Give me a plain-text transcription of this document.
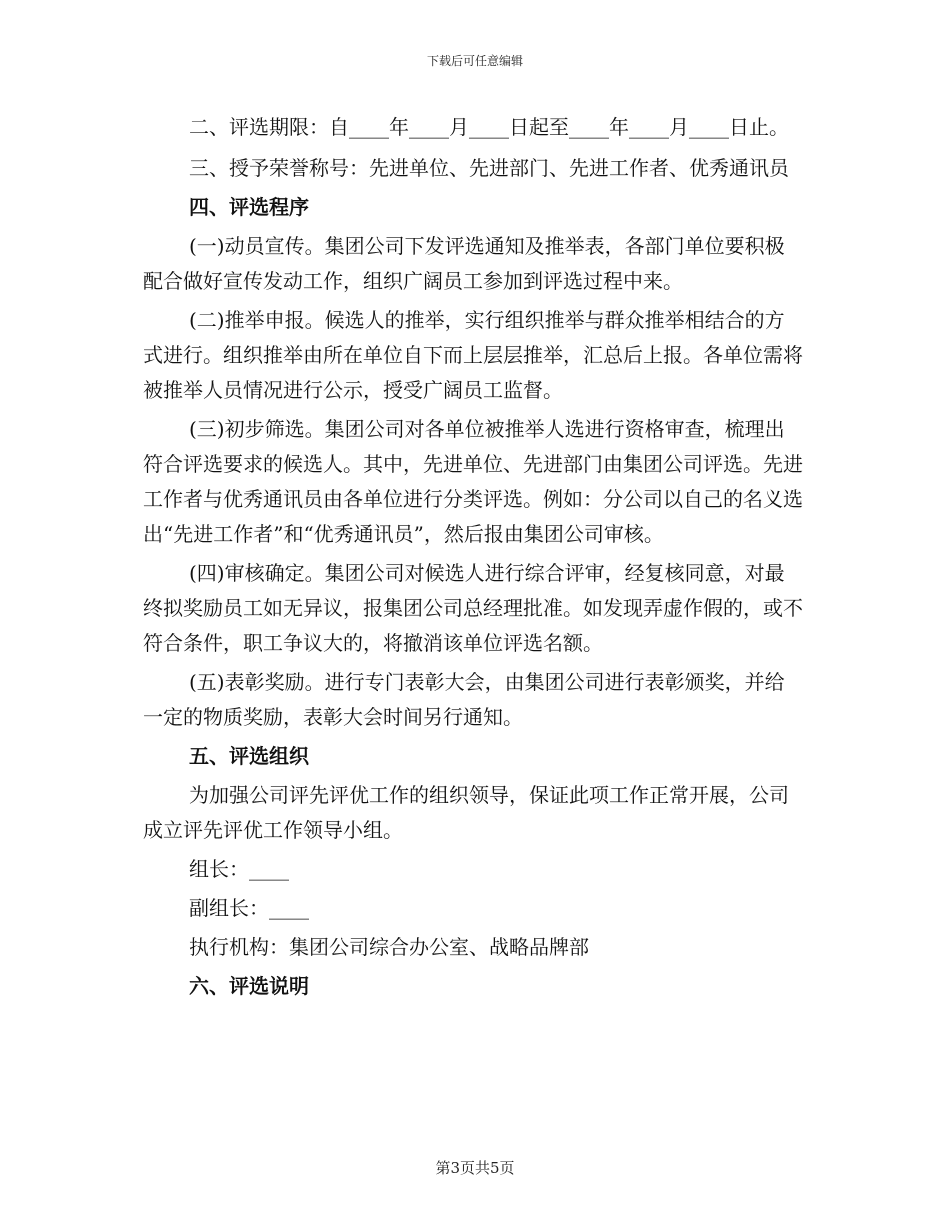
下载后可任意编辑

二、评选期限：自____年____月____日起至____年____月____日止。

三、授予荣誉称号：先进单位、先进部门、先进工作者、优秀通讯员

四、评选程序

(一)动员宣传。集团公司下发评选通知及推举表，各部门单位要积极配合做好宣传发动工作，组织广阔员工参加到评选过程中来。

(二)推举申报。候选人的推举，实行组织推举与群众推举相结合的方式进行。组织推举由所在单位自下而上层层推举，汇总后上报。各单位需将被推举人员情况进行公示，授受广阔员工监督。

(三)初步筛选。集团公司对各单位被推举人选进行资格审查，梳理出符合评选要求的候选人。其中，先进单位、先进部门由集团公司评选。先进工作者与优秀通讯员由各单位进行分类评选。例如：分公司以自己的名义选出“先进工作者”和“优秀通讯员”，然后报由集团公司审核。

(四)审核确定。集团公司对候选人进行综合评审，经复核同意，对最终拟奖励员工如无异议，报集团公司总经理批准。如发现弄虚作假的，或不符合条件，职工争议大的，将撤消该单位评选名额。

(五)表彰奖励。进行专门表彰大会，由集团公司进行表彰颁奖，并给一定的物质奖励，表彰大会时间另行通知。

五、评选组织

为加强公司评先评优工作的组织领导，保证此项工作正常开展，公司成立评先评优工作领导小组。

组长：____

副组长：____

执行机构：集团公司综合办公室、战略品牌部

六、评选说明

第3页共5页
